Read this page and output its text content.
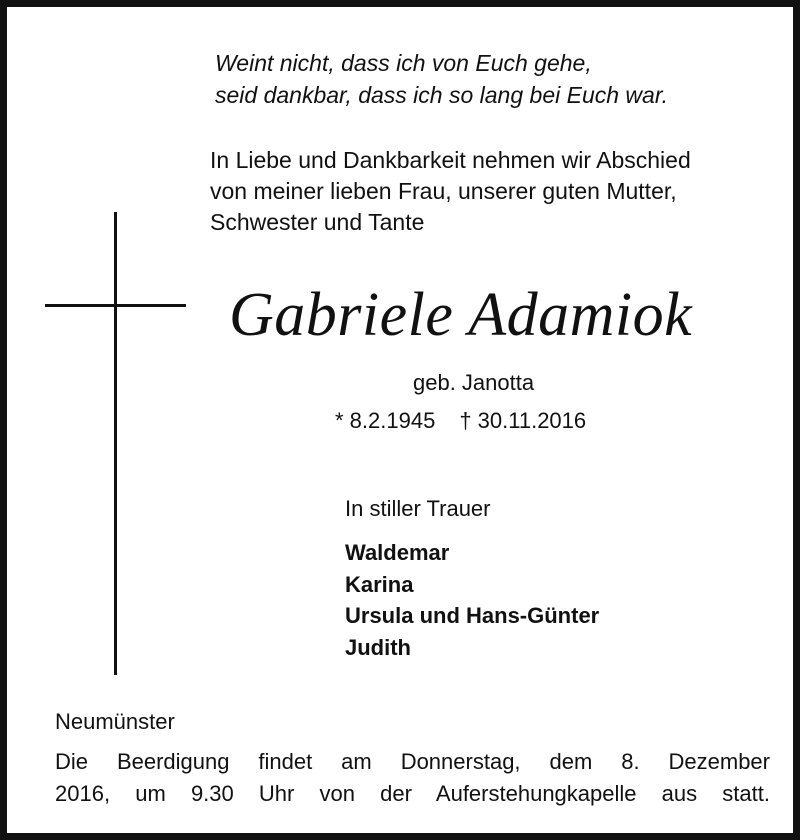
Weint nicht, dass ich von Euch gehe,
seid dankbar, dass ich so lang bei Euch war.
In Liebe und Dankbarkeit nehmen wir Abschied
von meiner lieben Frau, unserer guten Mutter,
Schwester und Tante
Gabriele Adamiok
geb. Janotta
* 8.2.1945 † 30.11.2016
In stiller Trauer
Waldemar
Karina
Ursula und Hans-Günter
Judith
Neumünster
Die Beerdigung findet am Donnerstag, dem 8. Dezember
2016, um 9.30 Uhr von der Auferstehungkapelle aus statt.
